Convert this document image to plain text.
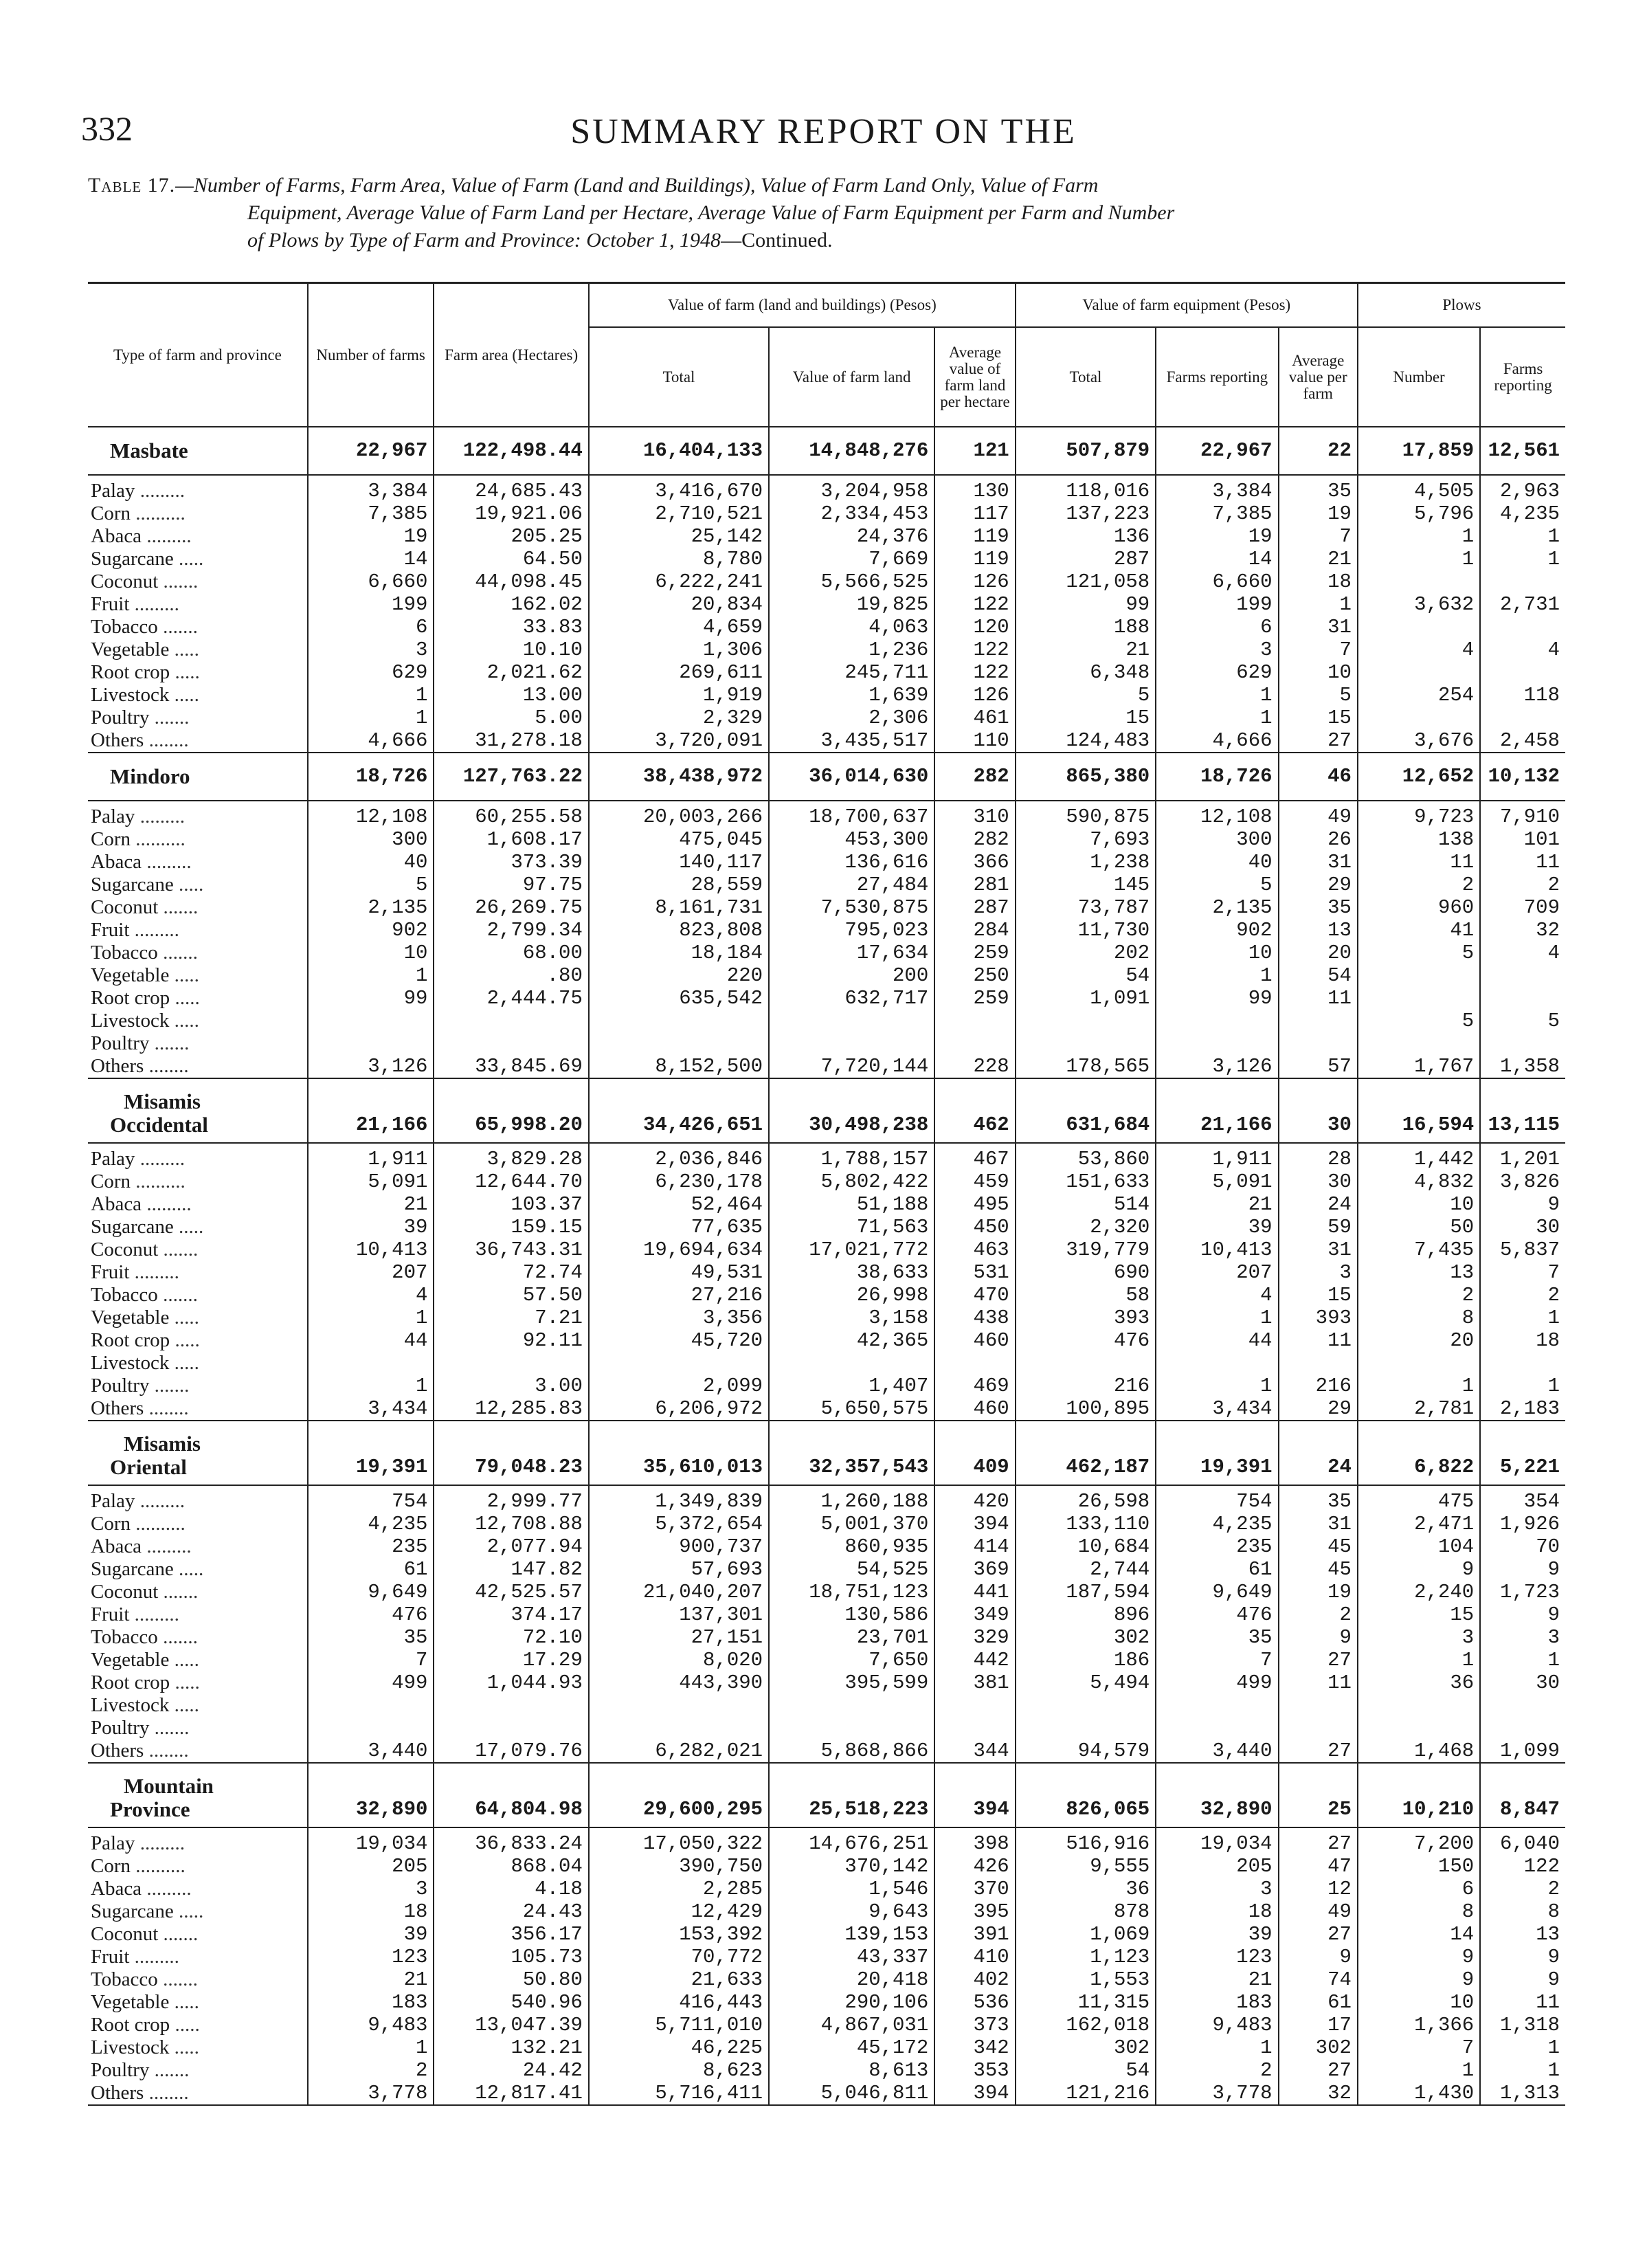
332	SUMMARY REPORT ON THE
Table 17.—Number of Farms, Farm Area, Value of Farm (Land and Buildings), Value of Farm Land Only, Value of Farm
Equipment, Average Value of Farm Land per Hectare, Average Value of Farm Equipment per Farm and Number
of Plows by Type of Farm and Province: October 1, 1948—Continued.
Type of farm and province	Number of farms	Farm area (Hectares)	Value of farm (land and buildings) (Pesos)			Value of farm equipment (Pesos)			Plows	
			Total	Value of farm land	Average value of farm land per hectare	Total	Farms reporting	Average value per farm	Number	Farms reporting
Masbate	22,967	122,498.44	16,404,133	14,848,276	121	507,879	22,967	22	17,859	12,561
Palay .........	3,384	24,685.43	3,416,670	3,204,958	130	118,016	3,384	35	4,505	2,963
Corn ..........	7,385	19,921.06	2,710,521	2,334,453	117	137,223	7,385	19	5,796	4,235
Abaca .........	19	205.25	25,142	24,376	119	136	19	7	1	1
Sugarcane .....	14	64.50	8,780	7,669	119	287	14	21	1	1
Coconut .......	6,660	44,098.45	6,222,241	5,566,525	126	121,058	6,660	18		
Fruit .........	199	162.02	20,834	19,825	122	99	199	1	3,632	2,731
Tobacco .......	6	33.83	4,659	4,063	120	188	6	31		
Vegetable .....	3	10.10	1,306	1,236	122	21	3	7	4	4
Root crop .....	629	2,021.62	269,611	245,711	122	6,348	629	10		
Livestock .....	1	13.00	1,919	1,639	126	5	1	5	254	118
Poultry .......	1	5.00	2,329	2,306	461	15	1	15		
Others ........	4,666	31,278.18	3,720,091	3,435,517	110	124,483	4,666	27	3,676	2,458
Mindoro	18,726	127,763.22	38,438,972	36,014,630	282	865,380	18,726	46	12,652	10,132
Palay .........	12,108	60,255.58	20,003,266	18,700,637	310	590,875	12,108	49	9,723	7,910
Corn ..........	300	1,608.17	475,045	453,300	282	7,693	300	26	138	101
Abaca .........	40	373.39	140,117	136,616	366	1,238	40	31	11	11
Sugarcane .....	5	97.75	28,559	27,484	281	145	5	29	2	2
Coconut .......	2,135	26,269.75	8,161,731	7,530,875	287	73,787	2,135	35	960	709
Fruit .........	902	2,799.34	823,808	795,023	284	11,730	902	13	41	32
Tobacco .......	10	68.00	18,184	17,634	259	202	10	20	5	4
Vegetable .....	1	.80	220	200	250	54	1	54		
Root crop .....	99	2,444.75	635,542	632,717	259	1,091	99	11		
Livestock .....									5	5
Poultry .......										
Others ........	3,126	33,845.69	8,152,500	7,720,144	228	178,565	3,126	57	1,767	1,358

Misamis
Occidental	21,166	65,998.20	34,426,651	30,498,238	462	631,684	21,166	30	16,594	13,115
Palay .........	1,911	3,829.28	2,036,846	1,788,157	467	53,860	1,911	28	1,442	1,201
Corn ..........	5,091	12,644.70	6,230,178	5,802,422	459	151,633	5,091	30	4,832	3,826
Abaca .........	21	103.37	52,464	51,188	495	514	21	24	10	9
Sugarcane .....	39	159.15	77,635	71,563	450	2,320	39	59	50	30
Coconut .......	10,413	36,743.31	19,694,634	17,021,772	463	319,779	10,413	31	7,435	5,837
Fruit .........	207	72.74	49,531	38,633	531	690	207	3	13	7
Tobacco .......	4	57.50	27,216	26,998	470	58	4	15	2	2
Vegetable .....	1	7.21	3,356	3,158	438	393	1	393	8	1
Root crop .....	44	92.11	45,720	42,365	460	476	44	11	20	18
Livestock .....										
Poultry .......	1	3.00	2,099	1,407	469	216	1	216	1	1
Others ........	3,434	12,285.83	6,206,972	5,650,575	460	100,895	3,434	29	2,781	2,183

Misamis
Oriental	19,391	79,048.23	35,610,013	32,357,543	409	462,187	19,391	24	6,822	5,221
Palay .........	754	2,999.77	1,349,839	1,260,188	420	26,598	754	35	475	354
Corn ..........	4,235	12,708.88	5,372,654	5,001,370	394	133,110	4,235	31	2,471	1,926
Abaca .........	235	2,077.94	900,737	860,935	414	10,684	235	45	104	70
Sugarcane .....	61	147.82	57,693	54,525	369	2,744	61	45	9	9
Coconut .......	9,649	42,525.57	21,040,207	18,751,123	441	187,594	9,649	19	2,240	1,723
Fruit .........	476	374.17	137,301	130,586	349	896	476	2	15	9
Tobacco .......	35	72.10	27,151	23,701	329	302	35	9	3	3
Vegetable .....	7	17.29	8,020	7,650	442	186	7	27	1	1
Root crop .....	499	1,044.93	443,390	395,599	381	5,494	499	11	36	30
Livestock .....										
Poultry .......										
Others ........	3,440	17,079.76	6,282,021	5,868,866	344	94,579	3,440	27	1,468	1,099

Mountain
Province	32,890	64,804.98	29,600,295	25,518,223	394	826,065	32,890	25	10,210	8,847
Palay .........	19,034	36,833.24	17,050,322	14,676,251	398	516,916	19,034	27	7,200	6,040
Corn ..........	205	868.04	390,750	370,142	426	9,555	205	47	150	122
Abaca .........	3	4.18	2,285	1,546	370	36	3	12	6	2
Sugarcane .....	18	24.43	12,429	9,643	395	878	18	49	8	8
Coconut .......	39	356.17	153,392	139,153	391	1,069	39	27	14	13
Fruit .........	123	105.73	70,772	43,337	410	1,123	123	9	9	9
Tobacco .......	21	50.80	21,633	20,418	402	1,553	21	74	9	9
Vegetable .....	183	540.96	416,443	290,106	536	11,315	183	61	10	11
Root crop .....	9,483	13,047.39	5,711,010	4,867,031	373	162,018	9,483	17	1,366	1,318
Livestock .....	1	132.21	46,225	45,172	342	302	1	302	7	1
Poultry .......	2	24.42	8,623	8,613	353	54	2	27	1	1
Others ........	3,778	12,817.41	5,716,411	5,046,811	394	121,216	3,778	32	1,430	1,313
